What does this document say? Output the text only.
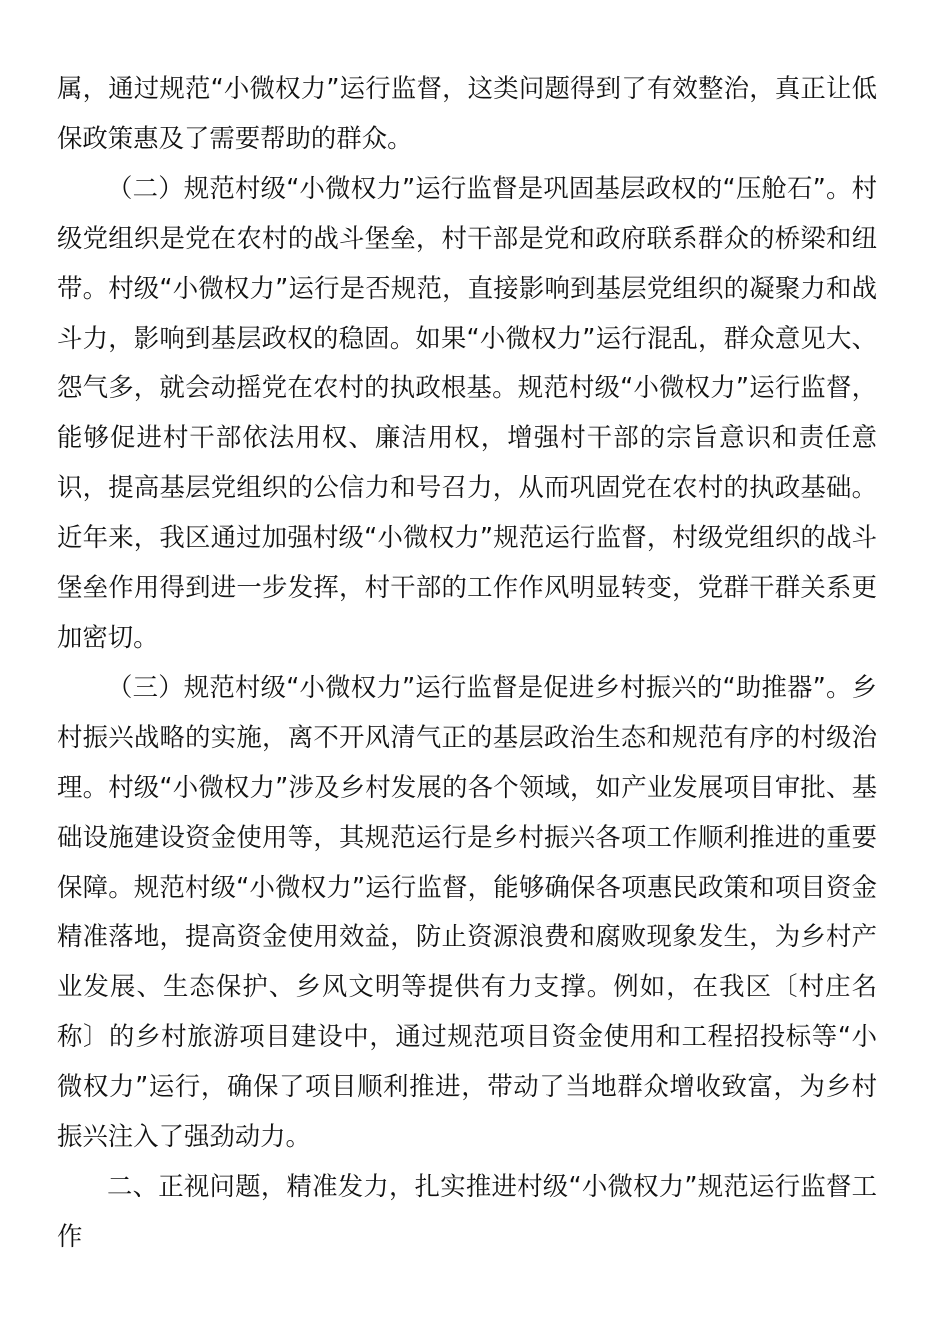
属，通过规范“小微权力”运行监督，这类问题得到了有效整治，真正让低保政策惠及了需要帮助的群众。

（二）规范村级“小微权力”运行监督是巩固基层政权的“压舱石”。村级党组织是党在农村的战斗堡垒，村干部是党和政府联系群众的桥梁和纽带。村级“小微权力”运行是否规范，直接影响到基层党组织的凝聚力和战斗力，影响到基层政权的稳固。如果“小微权力”运行混乱，群众意见大、怨气多，就会动摇党在农村的执政根基。规范村级“小微权力”运行监督，能够促进村干部依法用权、廉洁用权，增强村干部的宗旨意识和责任意识，提高基层党组织的公信力和号召力，从而巩固党在农村的执政基础。近年来，我区通过加强村级“小微权力”规范运行监督，村级党组织的战斗堡垒作用得到进一步发挥，村干部的工作作风明显转变，党群干群关系更加密切。

（三）规范村级“小微权力”运行监督是促进乡村振兴的“助推器”。乡村振兴战略的实施，离不开风清气正的基层政治生态和规范有序的村级治理。村级“小微权力”涉及乡村发展的各个领域，如产业发展项目审批、基础设施建设资金使用等，其规范运行是乡村振兴各项工作顺利推进的重要保障。规范村级“小微权力”运行监督，能够确保各项惠民政策和项目资金精准落地，提高资金使用效益，防止资源浪费和腐败现象发生，为乡村产业发展、生态保护、乡风文明等提供有力支撑。例如，在我区〔村庄名称〕的乡村旅游项目建设中，通过规范项目资金使用和工程招投标等“小微权力”运行，确保了项目顺利推进，带动了当地群众增收致富，为乡村振兴注入了强劲动力。

二、正视问题，精准发力，扎实推进村级“小微权力”规范运行监督工作
